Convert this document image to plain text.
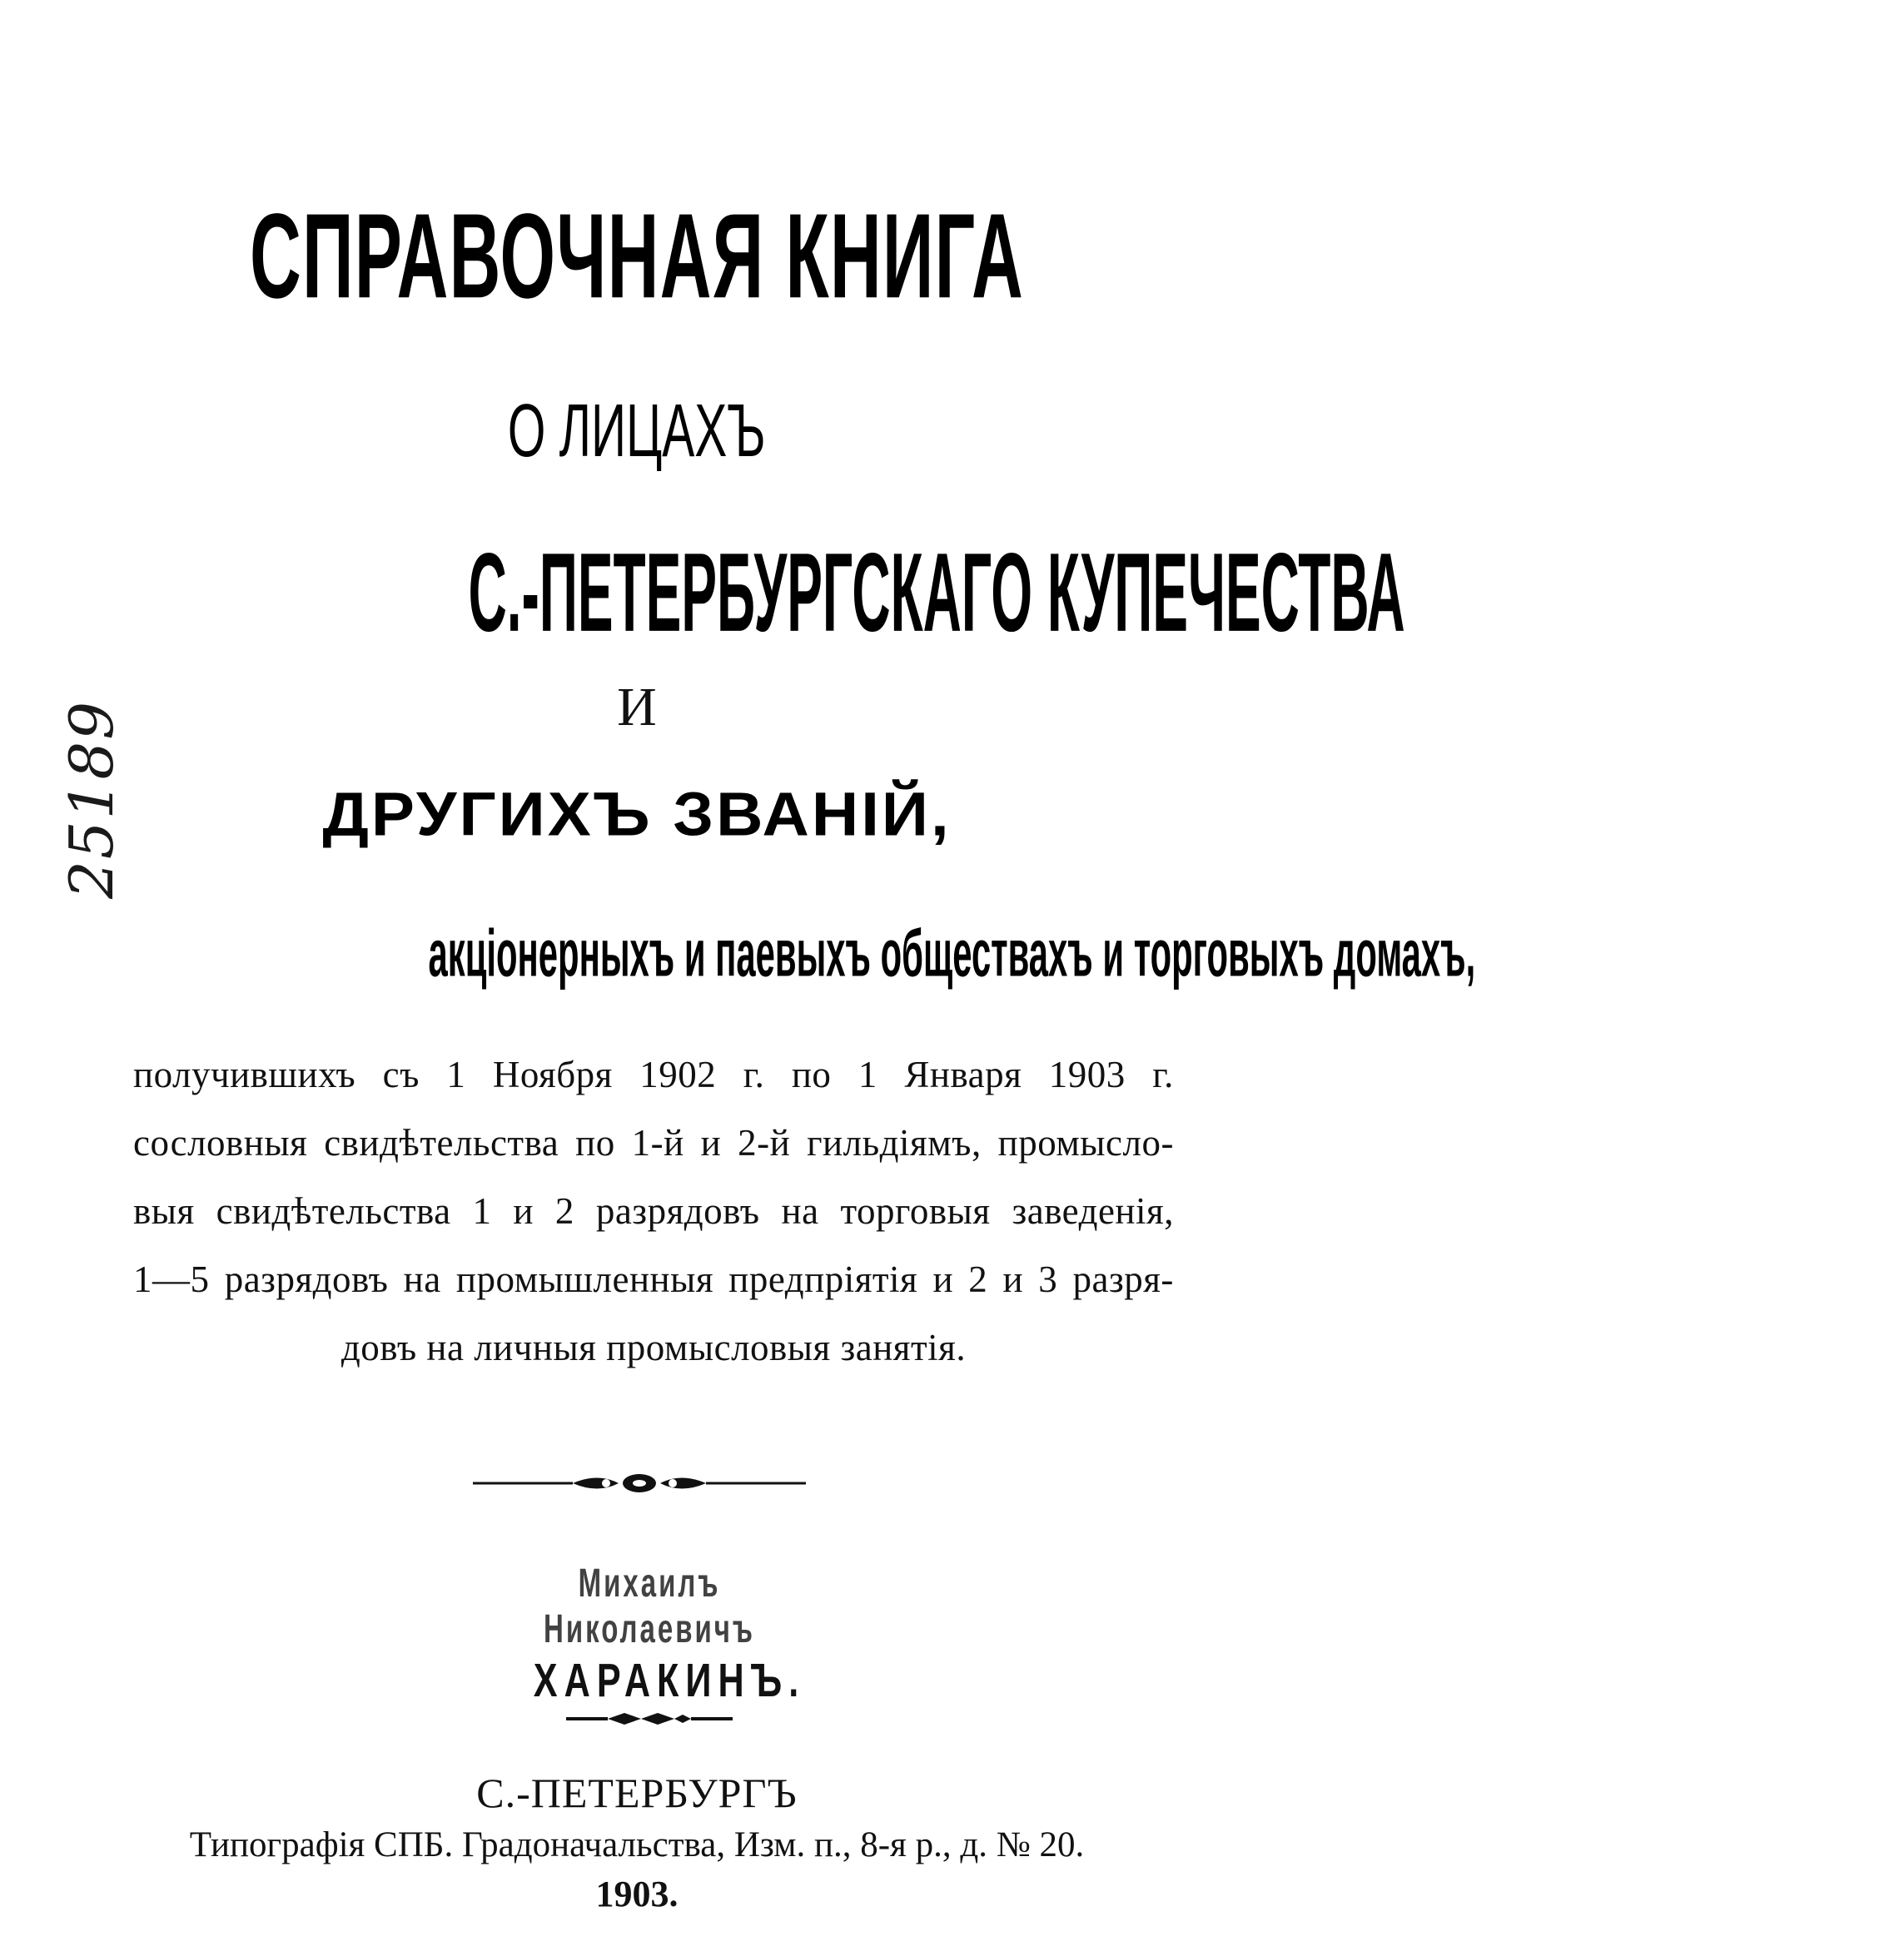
25189
СПРАВОЧНАЯ КНИГА
О ЛИЦАХЪ
С.-ПЕТЕРБУРГСКАГО КУПЕЧЕСТВА
И
ДРУГИХЪ ЗВАНІЙ,
акціонерныхъ и паевыхъ обществахъ и торговыхъ домахъ,
получившихъ съ 1 Ноября 1902 г. по 1 Января 1903 г.
сословныя свидѣтельства по 1-й и 2-й гильдіямъ, промысло-
выя свидѣтельства 1 и 2 разрядовъ на торговыя заведенія,
1—5 разрядовъ на промышленныя предпріятія и 2 и 3 разря-
довъ на личныя промысловыя занятія.
Михаилъ Николаевичъ
ХАРАКИНЪ.
С.-ПЕТЕРБУРГЪ
Типографія СПБ. Градоначальства, Изм. п., 8-я р., д. № 20.
1903.
